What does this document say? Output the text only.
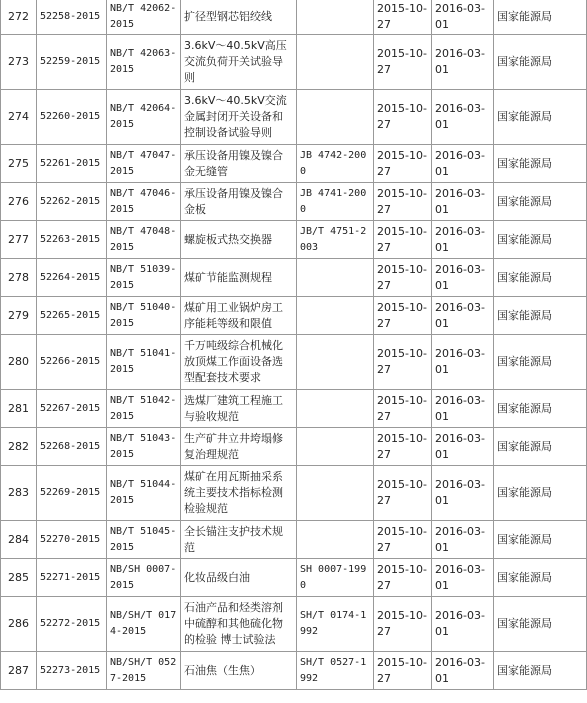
272	52258-2015	NB/T 42062-2015	扩径型钢芯铝绞线		2015-10-27	2016-03-01	国家能源局
273	52259-2015	NB/T 42063-2015	3.6kV～40.5kV高压交流负荷开关试验导则		2015-10-27	2016-03-01	国家能源局
274	52260-2015	NB/T 42064-2015	3.6kV～40.5kV交流金属封闭开关设备和控制设备试验导则		2015-10-27	2016-03-01	国家能源局
275	52261-2015	NB/T 47047-2015	承压设备用镍及镍合金无缝管	JB 4742-2000	2015-10-27	2016-03-01	国家能源局
276	52262-2015	NB/T 47046-2015	承压设备用镍及镍合金板	JB 4741-2000	2015-10-27	2016-03-01	国家能源局
277	52263-2015	NB/T 47048-2015	螺旋板式热交换器	JB/T 4751-2003	2015-10-27	2016-03-01	国家能源局
278	52264-2015	NB/T 51039-2015	煤矿节能监测规程		2015-10-27	2016-03-01	国家能源局
279	52265-2015	NB/T 51040-2015	煤矿用工业锅炉房工序能耗等级和限值		2015-10-27	2016-03-01	国家能源局
280	52266-2015	NB/T 51041-2015	千万吨级综合机械化放顶煤工作面设备选型配套技术要求		2015-10-27	2016-03-01	国家能源局
281	52267-2015	NB/T 51042-2015	选煤厂建筑工程施工与验收规范		2015-10-27	2016-03-01	国家能源局
282	52268-2015	NB/T 51043-2015	生产矿井立井垮塌修复治理规范		2015-10-27	2016-03-01	国家能源局
283	52269-2015	NB/T 51044-2015	煤矿在用瓦斯抽采系统主要技术指标检测检验规范		2015-10-27	2016-03-01	国家能源局
284	52270-2015	NB/T 51045-2015	全长锚注支护技术规范		2015-10-27	2016-03-01	国家能源局
285	52271-2015	NB/SH 0007-2015	化妆品级白油	SH 0007-1990	2015-10-27	2016-03-01	国家能源局
286	52272-2015	NB/SH/T 0174-2015	石油产品和烃类溶剂中硫醇和其他硫化物的检验 博士试验法	SH/T 0174-1992	2015-10-27	2016-03-01	国家能源局
287	52273-2015	NB/SH/T 0527-2015	石油焦（生焦）	SH/T 0527-1992	2015-10-27	2016-03-01	国家能源局
